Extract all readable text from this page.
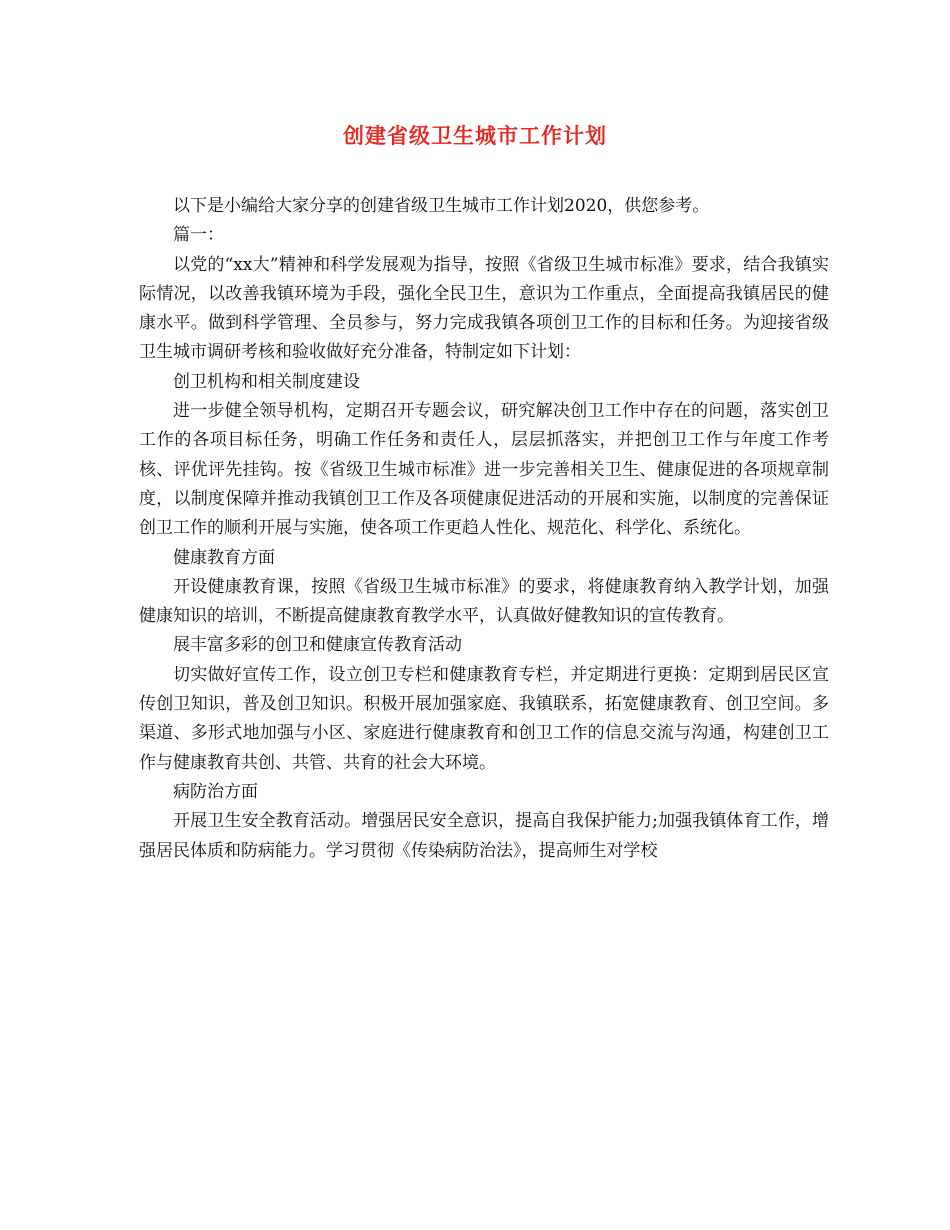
创建省级卫生城市工作计划

以下是小编给大家分享的创建省级卫生城市工作计划2020，供您参考。

篇一：

以党的“xx大”精神和科学发展观为指导，按照《省级卫生城市标准》要求，结合我镇实际情况，以改善我镇环境为手段，强化全民卫生，意识为工作重点，全面提高我镇居民的健康水平。做到科学管理、全员参与，努力完成我镇各项创卫工作的目标和任务。为迎接省级卫生城市调研考核和验收做好充分准备，特制定如下计划：

创卫机构和相关制度建设

进一步健全领导机构，定期召开专题会议，研究解决创卫工作中存在的问题，落实创卫工作的各项目标任务，明确工作任务和责任人，层层抓落实，并把创卫工作与年度工作考核、评优评先挂钩。按《省级卫生城市标准》进一步完善相关卫生、健康促进的各项规章制度，以制度保障并推动我镇创卫工作及各项健康促进活动的开展和实施，以制度的完善保证创卫工作的顺利开展与实施，使各项工作更趋人性化、规范化、科学化、系统化。

健康教育方面

开设健康教育课，按照《省级卫生城市标准》的要求，将健康教育纳入教学计划，加强健康知识的培训，不断提高健康教育教学水平，认真做好健教知识的宣传教育。

展丰富多彩的创卫和健康宣传教育活动

切实做好宣传工作，设立创卫专栏和健康教育专栏，并定期进行更换：定期到居民区宣传创卫知识，普及创卫知识。积极开展加强家庭、我镇联系，拓宽健康教育、创卫空间。多渠道、多形式地加强与小区、家庭进行健康教育和创卫工作的信息交流与沟通，构建创卫工作与健康教育共创、共管、共育的社会大环境。

病防治方面

开展卫生安全教育活动。增强居民安全意识，提高自我保护能力;加强我镇体育工作，增强居民体质和防病能力。学习贯彻《传染病防治法》，提高师生对学校
